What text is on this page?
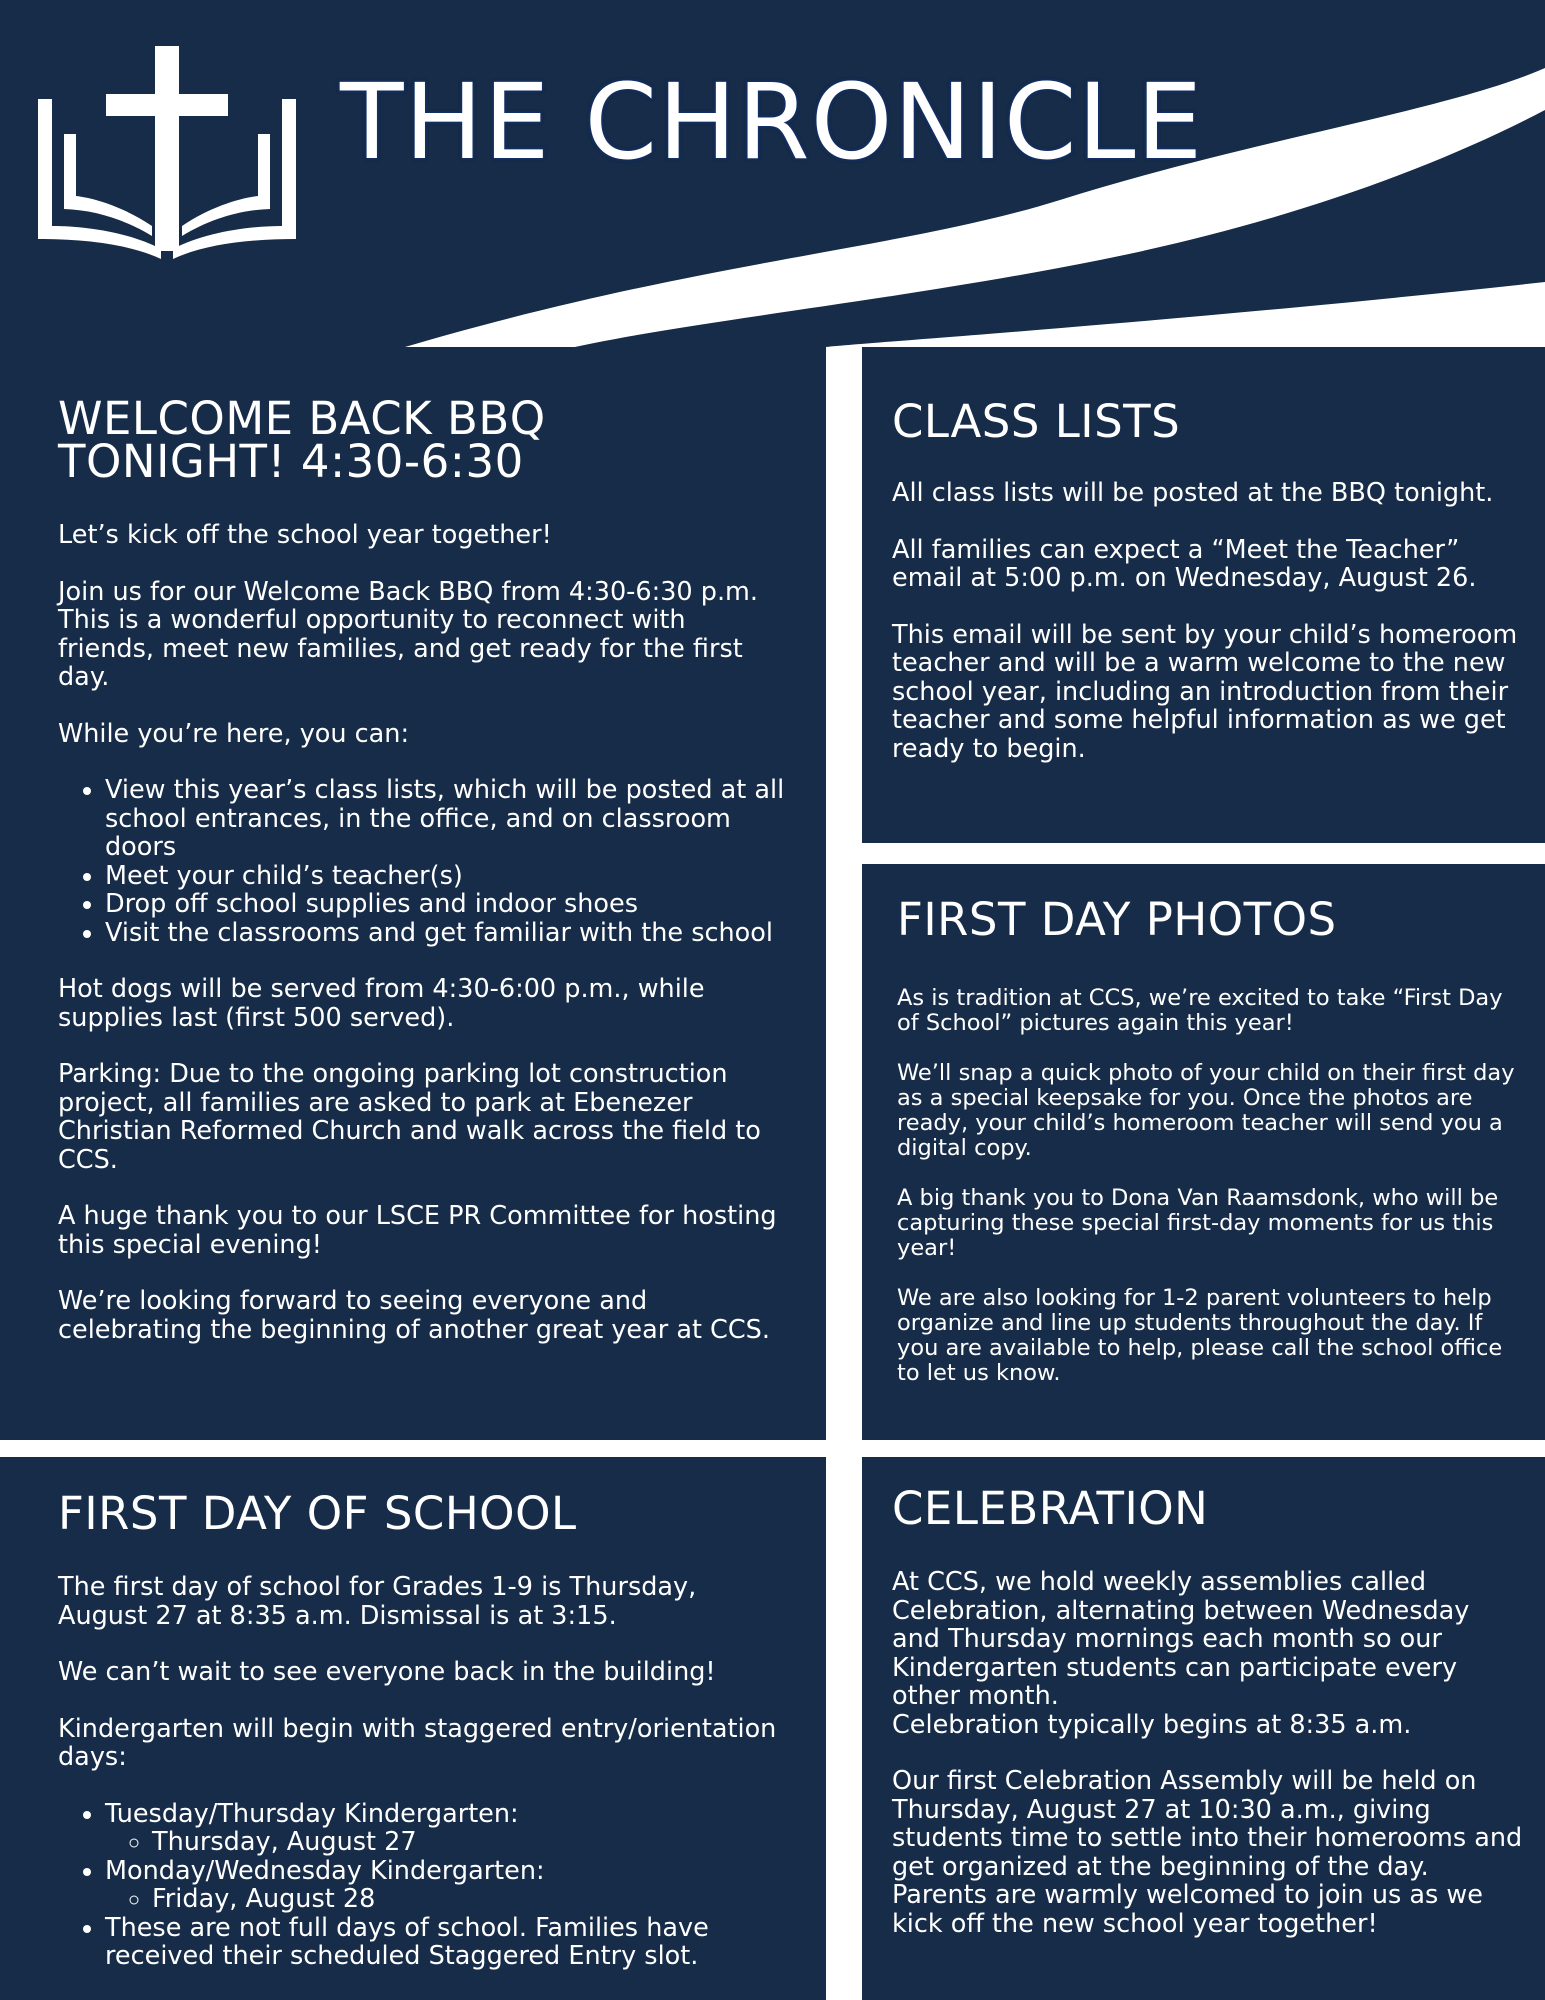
THE CHRONICLE
WELCOME BACK BBQ
TONIGHT! 4:30-6:30

Let’s kick off the school year together!

Join us for our Welcome Back BBQ from 4:30-6:30 p.m. This is a wonderful opportunity to reconnect with friends, meet new families, and get ready for the first day.

While you’re here, you can:

• View this year’s class lists, which will be posted at all school entrances, in the office, and on classroom doors
• Meet your child’s teacher(s)
• Drop off school supplies and indoor shoes
• Visit the classrooms and get familiar with the school

Hot dogs will be served from 4:30-6:00 p.m., while supplies last (first 500 served).

Parking: Due to the ongoing parking lot construction project, all families are asked to park at Ebenezer Christian Reformed Church and walk across the field to CCS.

A huge thank you to our LSCE PR Committee for hosting this special evening!

We’re looking forward to seeing everyone and celebrating the beginning of another great year at CCS.

CLASS LISTS

All class lists will be posted at the BBQ tonight.

All families can expect a “Meet the Teacher” email at 5:00 p.m. on Wednesday, August 26.

This email will be sent by your child’s homeroom teacher and will be a warm welcome to the new school year, including an introduction from their teacher and some helpful information as we get ready to begin.

FIRST DAY PHOTOS

As is tradition at CCS, we’re excited to take “First Day of School” pictures again this year!

We’ll snap a quick photo of your child on their first day as a special keepsake for you. Once the photos are ready, your child’s homeroom teacher will send you a digital copy.

A big thank you to Dona Van Raamsdonk, who will be capturing these special first-day moments for us this year!

We are also looking for 1-2 parent volunteers to help organize and line up students throughout the day. If you are available to help, please call the school office to let us know.

FIRST DAY OF SCHOOL

The first day of school for Grades 1-9 is Thursday, August 27 at 8:35 a.m. Dismissal is at 3:15.

We can’t wait to see everyone back in the building!

Kindergarten will begin with staggered entry/orientation days:

• Tuesday/Thursday Kindergarten:
◦ Thursday, August 27
• Monday/Wednesday Kindergarten:
◦ Friday, August 28
• These are not full days of school. Families have received their scheduled Staggered Entry slot.
CELEBRATION

At CCS, we hold weekly assemblies called Celebration, alternating between Wednesday and Thursday mornings each month so our Kindergarten students can participate every other month.

Celebration typically begins at 8:35 a.m.

Our first Celebration Assembly will be held on Thursday, August 27 at 10:30 a.m., giving students time to settle into their homerooms and get organized at the beginning of the day.

Parents are warmly welcomed to join us as we kick off the new school year together!
